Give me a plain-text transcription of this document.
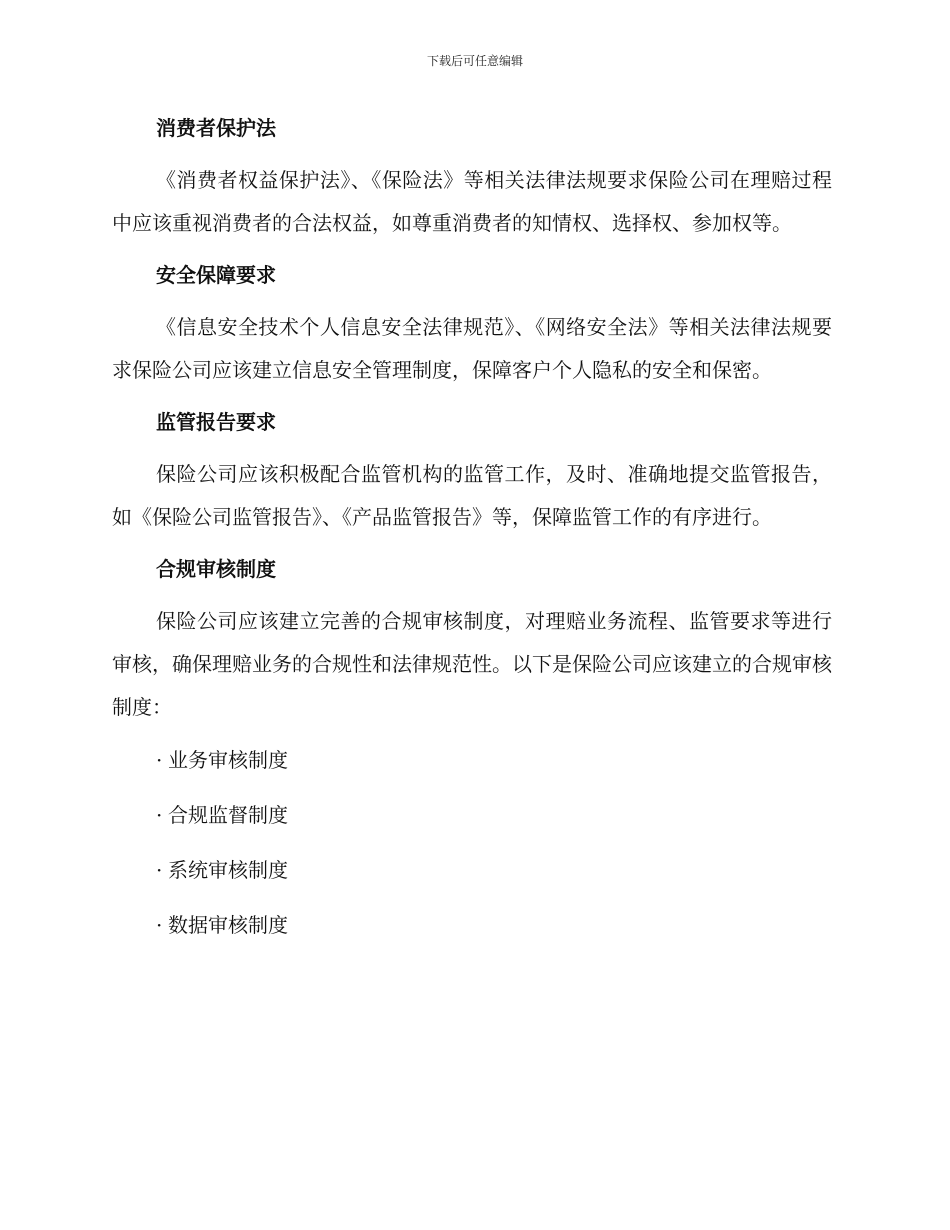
下载后可任意编辑
消费者保护法

《消费者权益保护法》、《保险法》等相关法律法规要求保险公司在理赔过程中应该重视消费者的合法权益，如尊重消费者的知情权、选择权、参加权等。

安全保障要求

《信息安全技术个人信息安全法律规范》、《网络安全法》等相关法律法规要求保险公司应该建立信息安全管理制度，保障客户个人隐私的安全和保密。

监管报告要求

保险公司应该积极配合监管机构的监管工作，及时、准确地提交监管报告，如《保险公司监管报告》、《产品监管报告》等，保障监管工作的有序进行。

合规审核制度

保险公司应该建立完善的合规审核制度，对理赔业务流程、监管要求等进行审核，确保理赔业务的合规性和法律规范性。以下是保险公司应该建立的合规审核制度：

· 业务审核制度
· 合规监督制度
· 系统审核制度
· 数据审核制度
